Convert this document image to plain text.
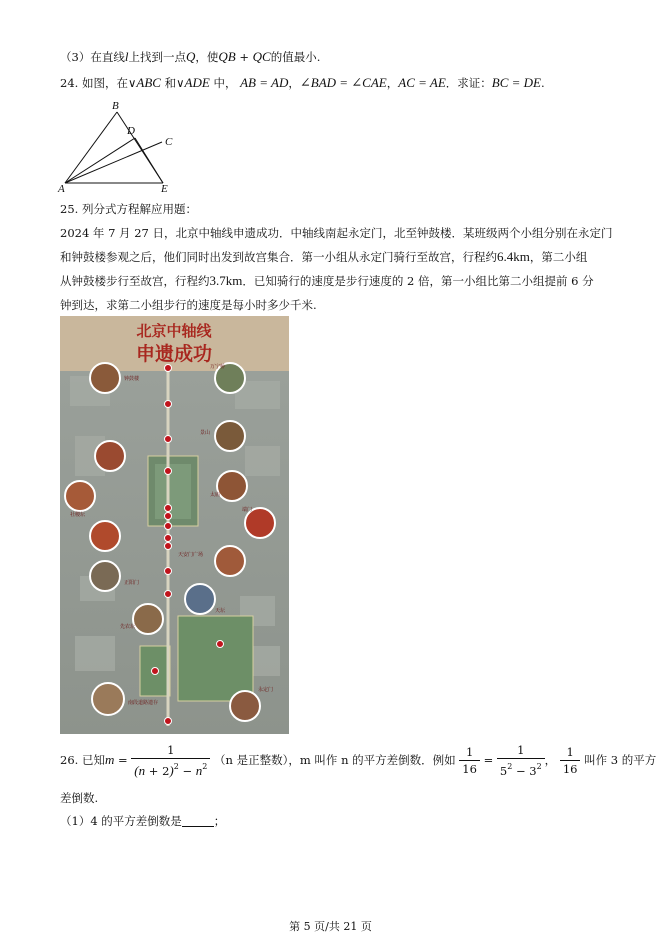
（3）在直线l上找到一点Q，使QB + QC的值最小.
24. 如图，在∨ABC 和∨ADE 中， AB = AD，∠BAD = ∠CAE，AC = AE．求证：BC = DE.
B
D
C
A	E
25. 列分式方程解应用题：
2024 年 7 月 27 日，北京中轴线申遗成功．中轴线南起永定门，北至钟鼓楼．某班级两个小组分别在永定门
和钟鼓楼参观之后，他们同时出发到故宫集合．第一小组从永定门骑行至故宫，行程约6.4km，第二小组
从钟鼓楼步行至故宫，行程约3.7km．已知骑行的速度是步行速度的 2 倍，第一小组比第二小组提前 6 分
钟到达，求第二小组步行的速度是每小时多少千米.
北京中轴线
申遗成功
钟鼓楼
万宁桥
景山
社稷坛
太庙
端门
天安门广场
正阳门
天坛
先农坛
南段道路遗存
永定门
26. 已知$m = \frac{1}{(n + 2)^2 - n^2} (n$ 是正整数），m 叫作 n 的平方差倒数．例如 $\frac{1}{16} = \frac{1}{5^2 - 3^2}$ ， $\frac{1}{16}$ 叫作 3 的平方
差倒数.
（1）4 的平方差倒数是	；
第 5 页/共 21 页
